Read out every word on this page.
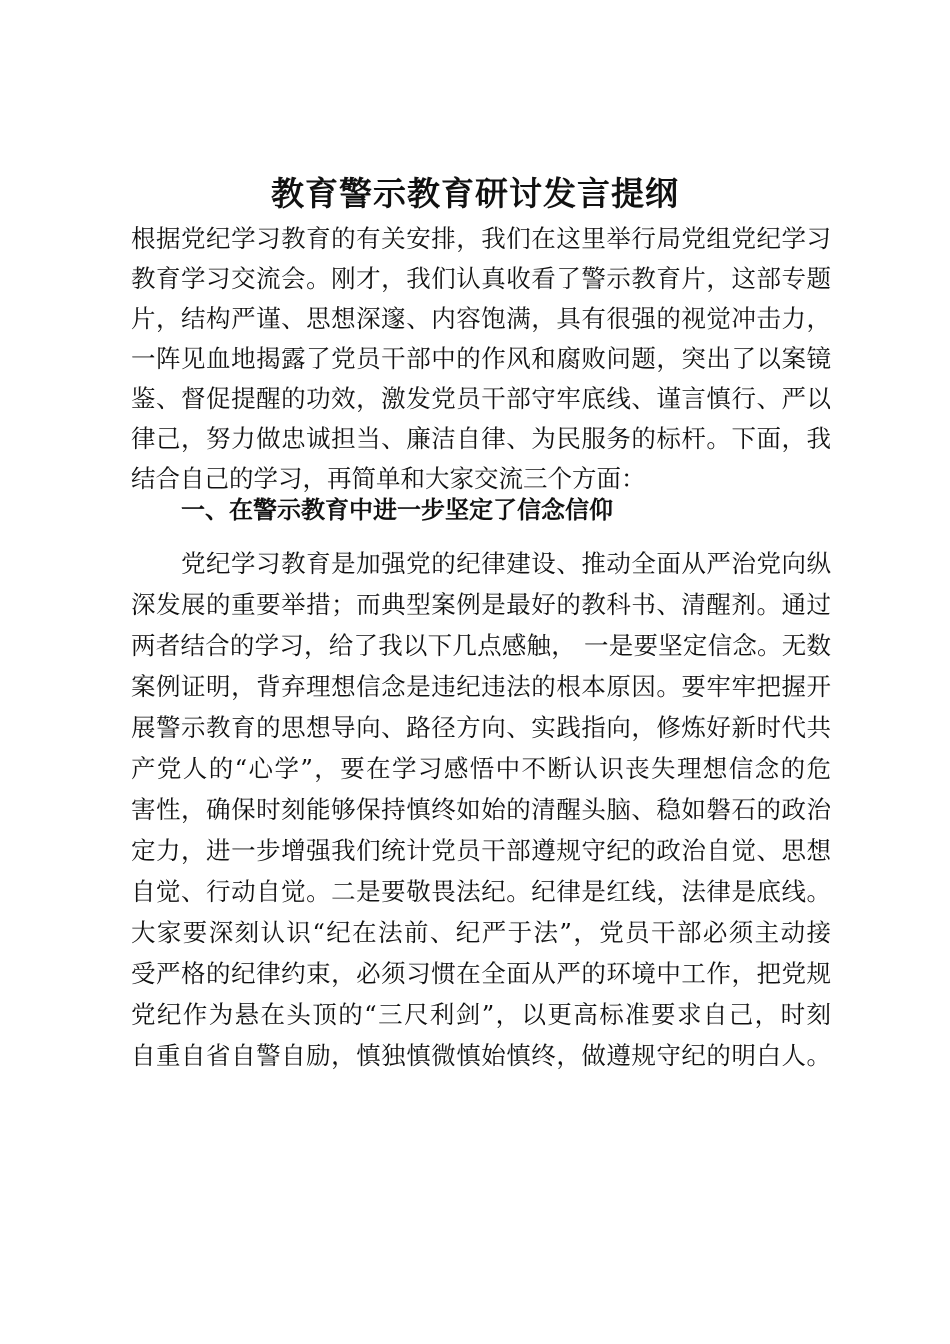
教育警示教育研讨发言提纲

根据党纪学习教育的有关安排，我们在这里举行局党组党纪学习

教育学习交流会。刚才，我们认真收看了警示教育片，这部专题

片，结构严谨、思想深邃、内容饱满，具有很强的视觉冲击力，

一阵见血地揭露了党员干部中的作风和腐败问题，突出了以案镜

鉴、督促提醒的功效，激发党员干部守牢底线、谨言慎行、严以

律己，努力做忠诚担当、廉洁自律、为民服务的标杆。下面，我

结合自己的学习，再简单和大家交流三个方面：

一、在警示教育中进一步坚定了信念信仰

党纪学习教育是加强党的纪律建设、推动全面从严治党向纵

深发展的重要举措；而典型案例是最好的教科书、清醒剂。通过

两者结合的学习，给了我以下几点感触， 一是要坚定信念。无数

案例证明，背弃理想信念是违纪违法的根本原因。要牢牢把握开

展警示教育的思想导向、路径方向、实践指向，修炼好新时代共

产党人的“心学”，要在学习感悟中不断认识丧失理想信念的危

害性，确保时刻能够保持慎终如始的清醒头脑、稳如磐石的政治

定力，进一步增强我们统计党员干部遵规守纪的政治自觉、思想

自觉、行动自觉。二是要敬畏法纪。纪律是红线，法律是底线。

大家要深刻认识“纪在法前、纪严于法”，党员干部必须主动接

受严格的纪律约束，必须习惯在全面从严的环境中工作，把党规

党纪作为悬在头顶的“三尺利剑”，以更高标准要求自己，时刻

自重自省自警自励，慎独慎微慎始慎终，做遵规守纪的明白人。
